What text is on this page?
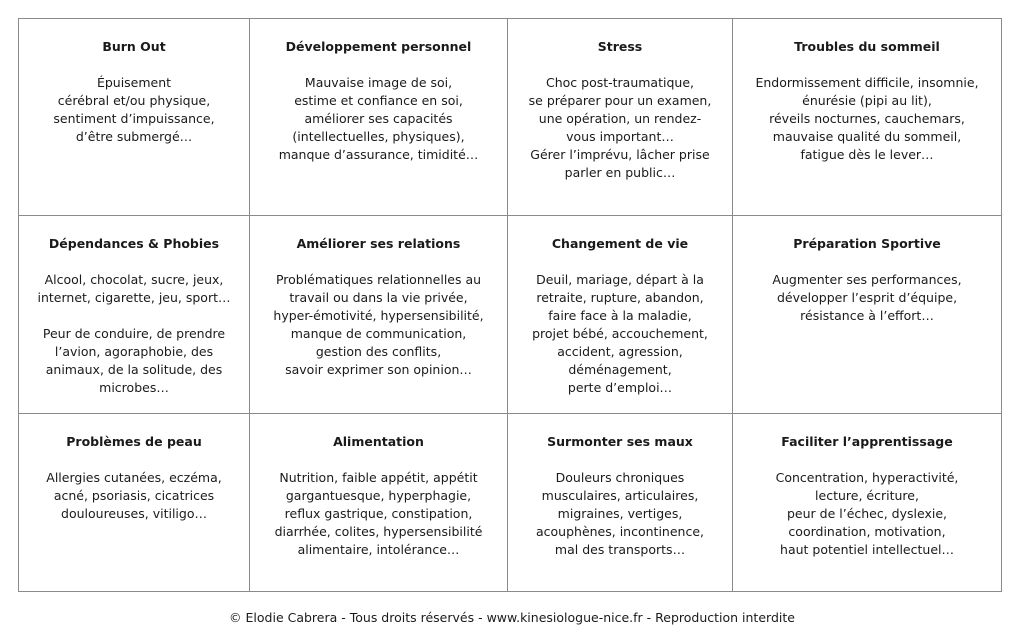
Burn Out
Épuisement
cérébral et/ou physique,
sentiment d’impuissance,
d’être submergé…
Développement personnel
Mauvaise image de soi,
estime et confiance en soi,
améliorer ses capacités
(intellectuelles, physiques),
manque d’assurance, timidité…
Stress
Choc post-traumatique,
se préparer pour un examen,
une opération, un rendez-
vous important…
Gérer l’imprévu, lâcher prise
parler en public…
Troubles du sommeil
Endormissement difficile, insomnie,
énurésie (pipi au lit),
réveils nocturnes, cauchemars,
mauvaise qualité du sommeil,
fatigue dès le lever…
Dépendances & Phobies
Alcool, chocolat, sucre, jeux,
internet, cigarette, jeu, sport…
Peur de conduire, de prendre
l’avion, agoraphobie, des
animaux, de la solitude, des
microbes…
Améliorer ses relations
Problématiques relationnelles au
travail ou dans la vie privée,
hyper-émotivité, hypersensibilité,
manque de communication,
gestion des conflits,
savoir exprimer son opinion…
Changement de vie
Deuil, mariage, départ à la
retraite, rupture, abandon,
faire face à la maladie,
projet bébé, accouchement,
accident, agression,
déménagement,
perte d’emploi…
Préparation Sportive
Augmenter ses performances,
développer l’esprit d’équipe,
résistance à l’effort…
Problèmes de peau
Allergies cutanées, eczéma,
acné, psoriasis, cicatrices
douloureuses, vitiligo…
Alimentation
Nutrition, faible appétit, appétit
gargantuesque, hyperphagie,
reflux gastrique, constipation,
diarrhée, colites, hypersensibilité
alimentaire, intolérance…
Surmonter ses maux
Douleurs chroniques
musculaires, articulaires,
migraines, vertiges,
acouphènes, incontinence,
mal des transports…
Faciliter l’apprentissage
Concentration, hyperactivité,
lecture, écriture,
peur de l’échec, dyslexie,
coordination, motivation,
haut potentiel intellectuel…
© Elodie Cabrera - Tous droits réservés - www.kinesiologue-nice.fr - Reproduction interdite
